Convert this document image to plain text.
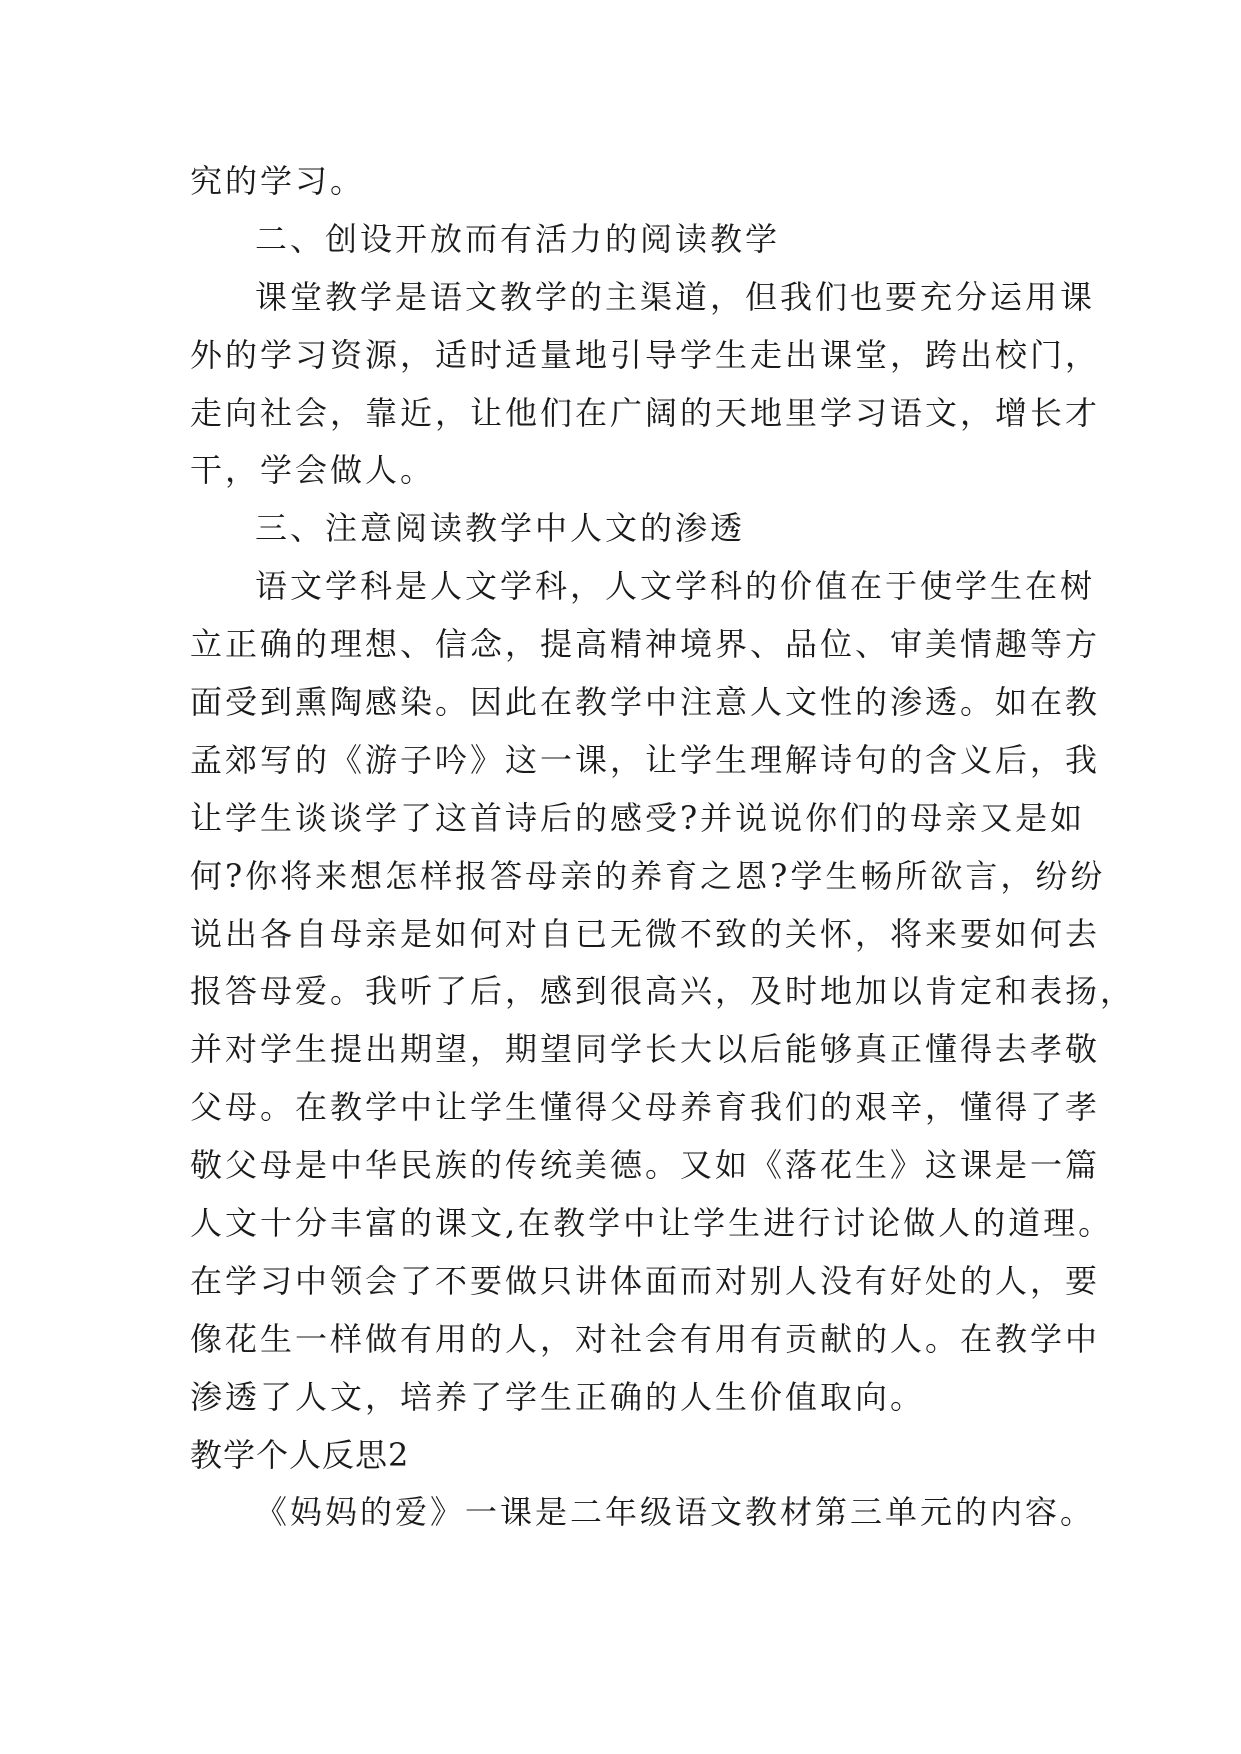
究的学习。
二、创设开放而有活力的阅读教学
课堂教学是语文教学的主渠道，但我们也要充分运用课
外的学习资源，适时适量地引导学生走出课堂，跨出校门，
走向社会，靠近，让他们在广阔的天地里学习语文，增长才
干，学会做人。
三、注意阅读教学中人文的渗透
语文学科是人文学科，人文学科的价值在于使学生在树
立正确的理想、信念，提高精神境界、品位、审美情趣等方
面受到熏陶感染。因此在教学中注意人文性的渗透。如在教
孟郊写的《游子吟》这一课，让学生理解诗句的含义后，我
让学生谈谈学了这首诗后的感受?并说说你们的母亲又是如
何?你将来想怎样报答母亲的养育之恩?学生畅所欲言，纷纷
说出各自母亲是如何对自已无微不致的关怀，将来要如何去
报答母爱。我听了后，感到很高兴，及时地加以肯定和表扬，
并对学生提出期望，期望同学长大以后能够真正懂得去孝敬
父母。在教学中让学生懂得父母养育我们的艰辛，懂得了孝
敬父母是中华民族的传统美德。又如《落花生》这课是一篇
人文十分丰富的课文,在教学中让学生进行讨论做人的道理。
在学习中领会了不要做只讲体面而对别人没有好处的人，要
像花生一样做有用的人，对社会有用有贡献的人。在教学中
渗透了人文，培养了学生正确的人生价值取向。
教学个人反思2
《妈妈的爱》一课是二年级语文教材第三单元的内容。
